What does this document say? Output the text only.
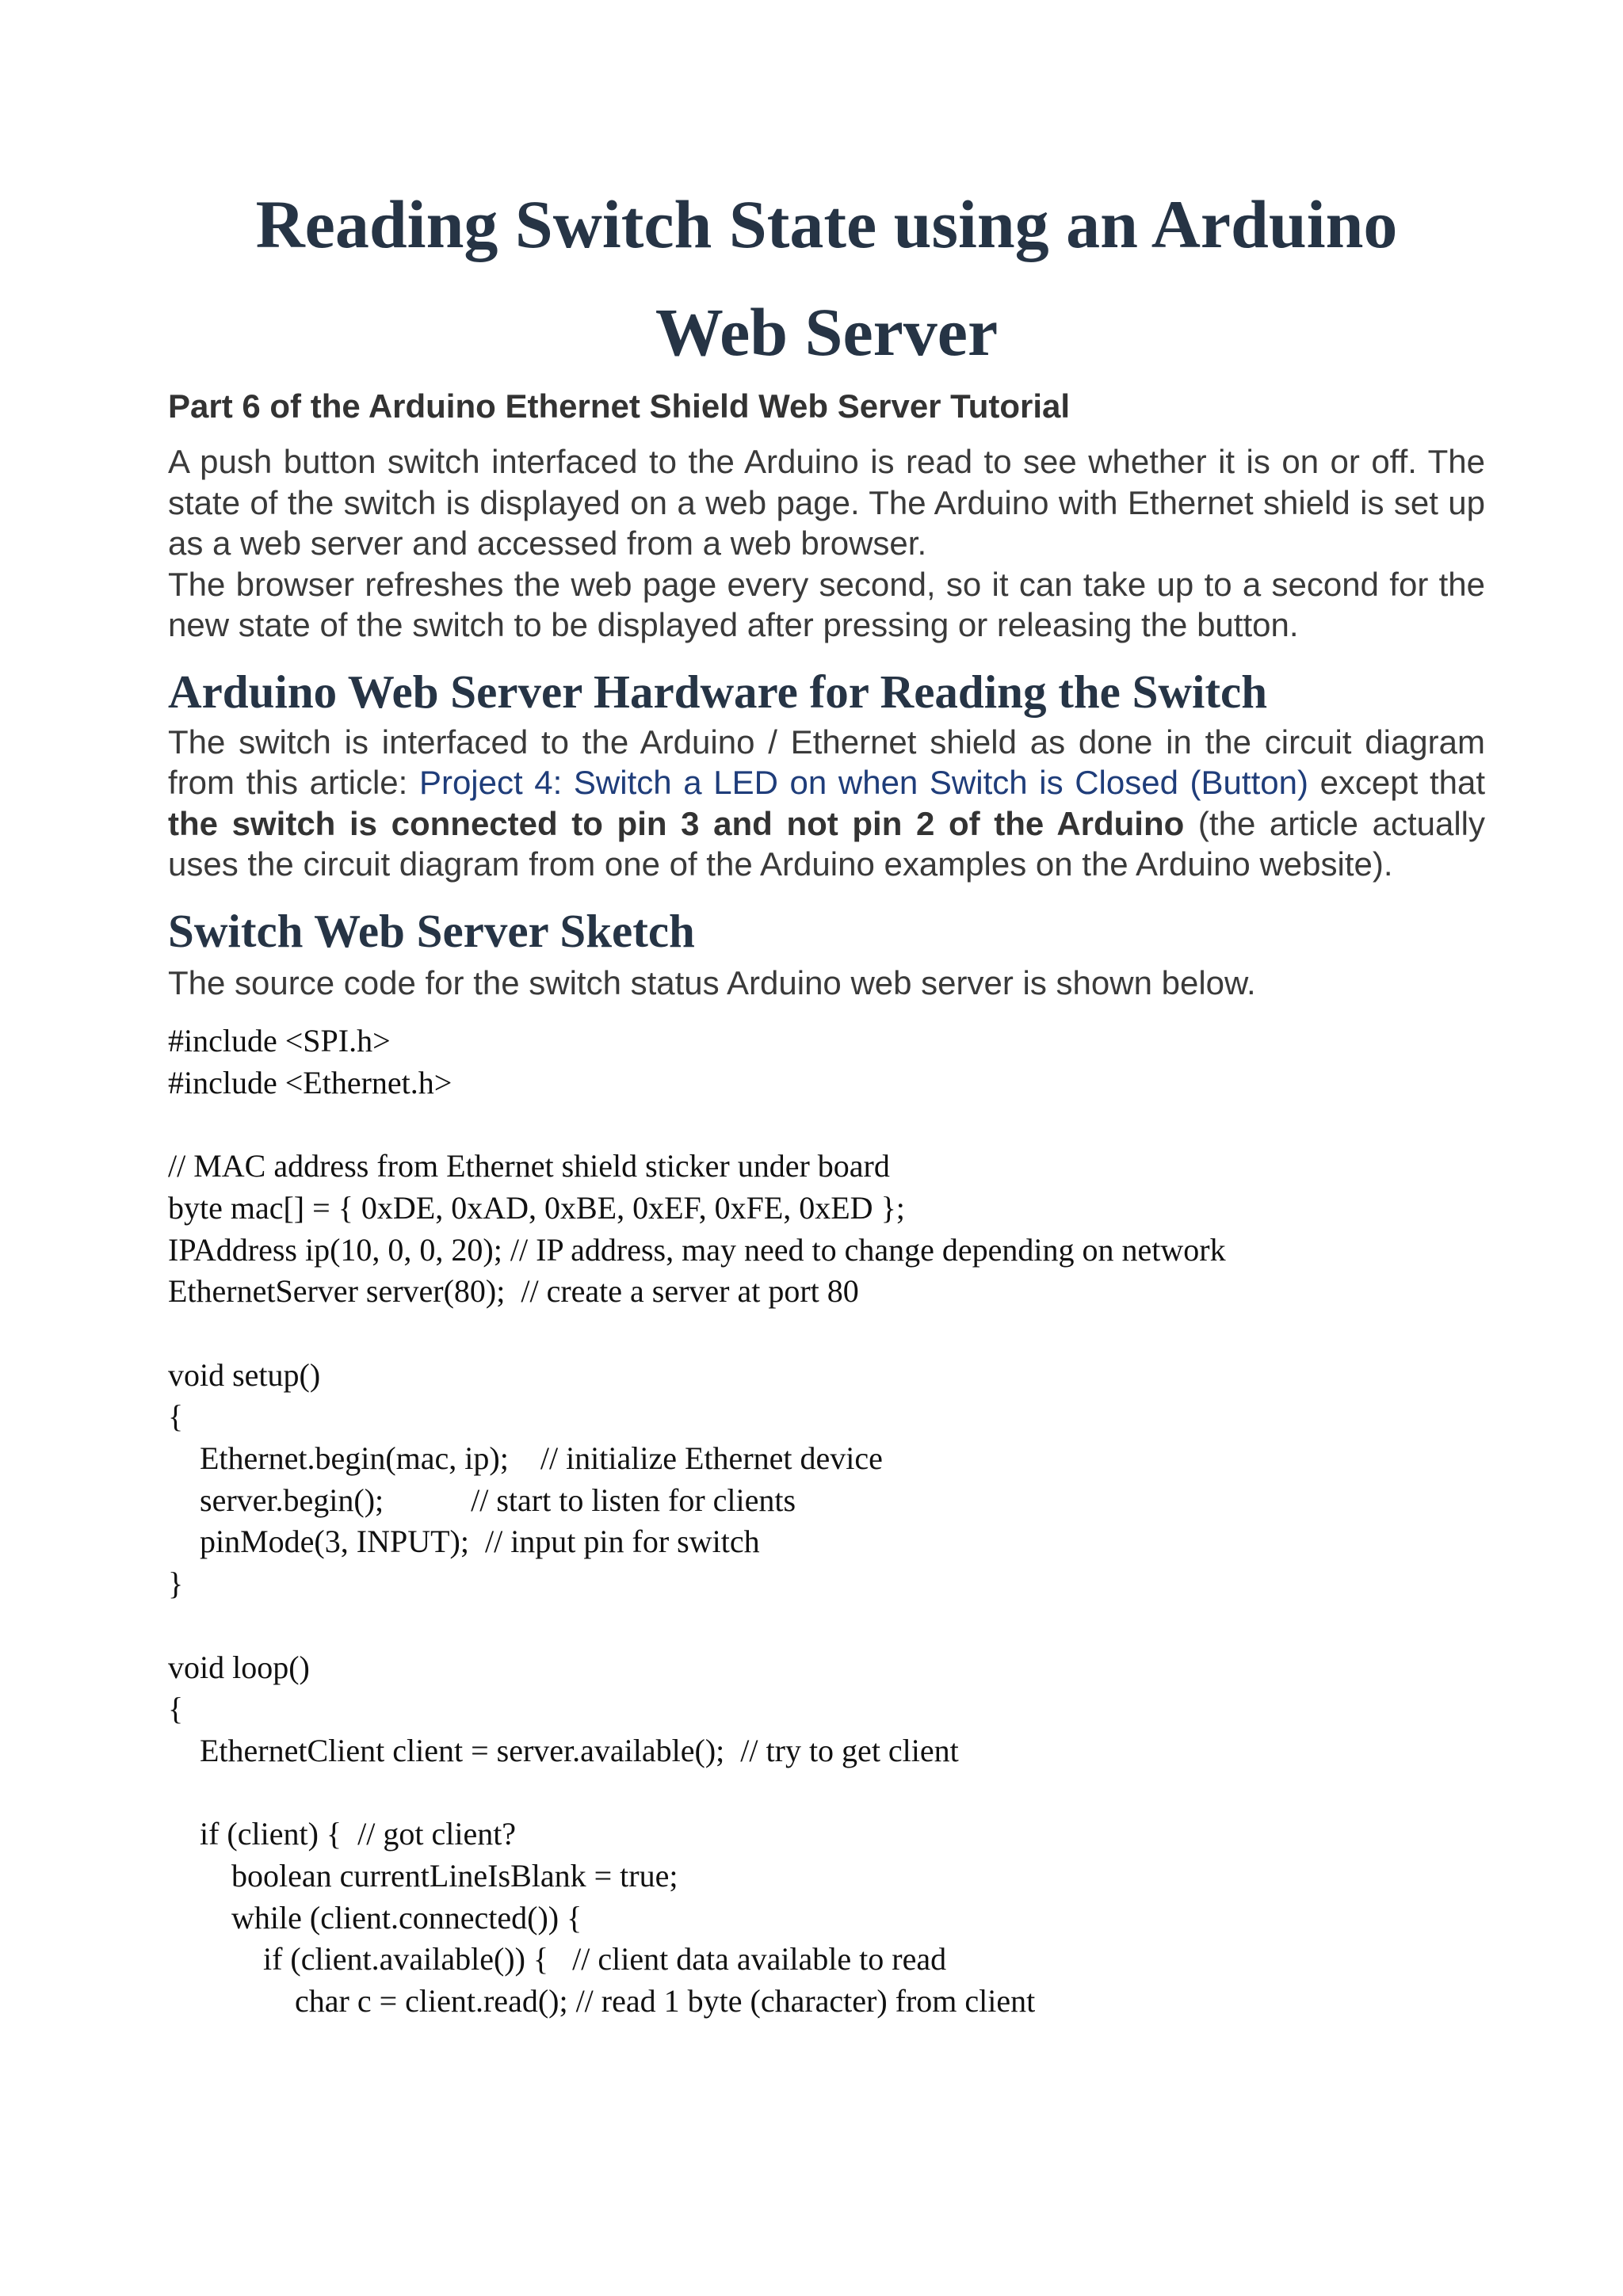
Reading Switch State using an Arduino
Web Server

Part 6 of the Arduino Ethernet Shield Web Server Tutorial

A push button switch interfaced to the Arduino is read to see whether it is on or off. The state of the switch is displayed on a web page. The Arduino with Ethernet shield is set up as a web server and accessed from a web browser.

The browser refreshes the web page every second, so it can take up to a second for the new state of the switch to be displayed after pressing or releasing the button.

Arduino Web Server Hardware for Reading the Switch

The switch is interfaced to the Arduino / Ethernet shield as done in the circuit diagram from this article: Project 4: Switch a LED on when Switch is Closed (Button) except that the switch is connected to pin 3 and not pin 2 of the Arduino (the article actually uses the circuit diagram from one of the Arduino examples on the Arduino website).

Switch Web Server Sketch

The source code for the switch status Arduino web server is shown below.

#include <SPI.h>
#include <Ethernet.h>

// MAC address from Ethernet shield sticker under board
byte mac[] = { 0xDE, 0xAD, 0xBE, 0xEF, 0xFE, 0xED };
IPAddress ip(10, 0, 0, 20); // IP address, may need to change depending on network
EthernetServer server(80);  // create a server at port 80

void setup()
{
Ethernet.begin(mac, ip);    // initialize Ethernet device
server.begin();           // start to listen for clients
pinMode(3, INPUT);  // input pin for switch
}

void loop()
{
EthernetClient client = server.available();  // try to get client

if (client) {  // got client?
boolean currentLineIsBlank = true;
while (client.connected()) {
if (client.available()) {   // client data available to read
char c = client.read(); // read 1 byte (character) from client
